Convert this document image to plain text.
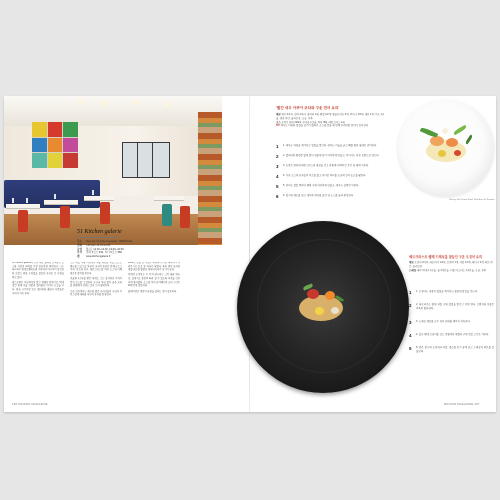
51 Kitchen galerie
주소 Rue des Grands-Augustins, 75006 Paris
전화 +33 (0)1 46 33 00 85
운영 월~토 12:00~14:00, 19:00~22:00
가격 런치 3코스 €42, 디너 5코스 €80
웹 www.kitchengalerie.fr

51 Kitchen galerie의 오너 셰프 윌리엄 르되유는 소스와 식감의 대비를 가장 중요하게 생각한다. 그는 파리 6구 생제르맹데프레 거리에서 아시아의 향신료와 프랑스 전통 조리법을 결합한 요리로 큰 사랑을 받고 있다.

레스토랑은 아담하지만 밝고 경쾌한 분위기로, 벽에 걸린 현대 미술 작품과 컬러풀한 의자가 눈길을 끈다. 점심 시간이면 인근 갤러리와 출판사 사람들로 자리가 가득 찬다.

그는 매일 아침 시장에서 제철 재료를 직접 고르고, 메뉴를 그날그날 바꾼다. 요리의 중심은 언제나 소스이며, 미소와 유자, 레몬그라스를 버터 소스에 더해 새로운 풍미를 만든다.

미슐랭 1스타를 받은 뒤에도 그는 합리적인 가격의 런치 코스를 고집한다. 누구나 부담 없이 좋은 요리를 경험해야 한다는 것이 그의 철학이다.

오픈 키친에서는 셰프와 젊은 요리사들이 손님과 자연스럽게 대화를 나누며 요리를 완성한다.

2009년 문을 연 이곳은 파리에서 가장 예약하기 어려운 비스트로 중 하나가 되었다. 특히 생선 요리와 제철 채소를 활용한 애피타이저가 인기가 높다.

이번에 소개하는 두 가지 레시피는 그의 대표 메뉴로, 집에서도 충분히 따라 할 수 있도록 과정을 간단하게 정리했다. 소스를 미리 준비해두면 조리 시간은 30분이면 충분하다.

플레이팅은 색감의 균형을 살리는 것이 중요하다.

156 MAISON MAGAZINE
'빨간 새우 아쿠아 코타와 구운 전어 요리'
재료 새우 4마리, 전어 2마리, 셀러리 1대, 펜넬 1/2개, 방울토마토 6개, 주키니 1/2개, 레몬 1개, 미소 1큰술, 생강 약간, 올리브유, 소금, 후추
소스 토마토 워터 200ml, 유자즙 1큰술, 버터 30g, 레몬그라스 1대
TIP 새우는 머리와 껍질을 남겨 두었다가 소스를 만들 때 함께 우려내면 풍미가 깊어진다.
1 1. 새우는 내장을 제거하고 껍질을 벗긴다. 전어는 비늘을 긁고 뼈를 발라 필레로 준비한다.
2 2. 셀러리와 펜넬은 얇게 썰어 찬물에 담가 아삭하게 만들고, 주키니는 리본 모양으로 깎는다.
3 3. 토마토 워터에 레몬그라스와 생강을 넣고 약불에서 10분간 우린 뒤 체에 거른다.
4 4. 거른 소스에 유자즙과 미소를 풀고 차가운 버터를 조금씩 넣어 농도를 맞춘다.
5 5. 전어는 껍질 쪽부터 팬에 구워 바삭하게 만들고, 새우는 살짝만 익힌다.
6 6. 접시에 채소를 담고 새우와 전어를 올린 뒤 소스를 둘러 완성한다.
Shrimp & Gizzard Shad, Bouillon de Tomates
헤르크라스트 벨레 드레싱을 곁들인 구운 오징어 요리
재료 오징어 2마리, 파프리카 1/2개, 오렌지 1개, 자몽 1/2개, 래디시 2개, 허브 약간, 올리브유
드레싱 셰리 비네거 1큰술, 꿀 1작은술, 디종 머스터드 1작은술, 소금, 후추
1 1. 오징어는 내장과 껍질을 제거하고 몸통에 칼집을 넣는다.
2 2. 파프리카는 불에 직접 구워 껍질을 벗기고 작게 썬다. 오렌지와 자몽은 과육만 발라낸다.
3 3. 드레싱 재료를 모두 섞어 유화될 때까지 저어준다.
4 4. 달군 팬에 오징어를 넣고 센불에서 재빨리 구워 한입 크기로 자른다.
5 5. 검은 접시에 오징어와 과일, 채소를 보기 좋게 담고 드레싱과 허브를 곁들인다.
MAISON MAGAZINE 157
